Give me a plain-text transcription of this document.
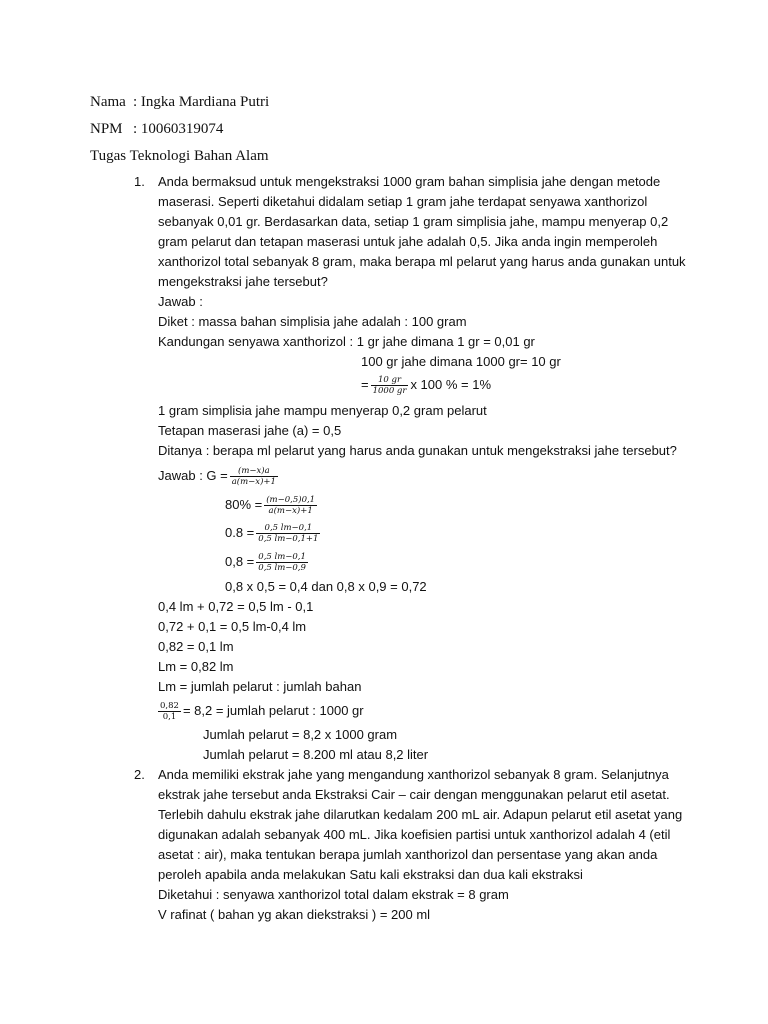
Nama : Ingka Mardiana Putri
NPM : 10060319074
Tugas Teknologi Bahan Alam
1. Anda bermaksud untuk mengekstraksi 1000 gram bahan simplisia jahe dengan metode
maserasi. Seperti diketahui didalam setiap 1 gram jahe terdapat senyawa xanthorizol
sebanyak 0,01 gr. Berdasarkan data, setiap 1 gram simplisia jahe, mampu menyerap 0,2
gram pelarut dan tetapan maserasi untuk jahe adalah 0,5. Jika anda ingin memperoleh
xanthorizol total sebanyak 8 gram, maka berapa ml pelarut yang harus anda gunakan untuk
mengekstraksi jahe tersebut?
Jawab :
Diket : massa bahan simplisia jahe adalah : 100 gram
Kandungan senyawa xanthorizol : 1 gr jahe dimana 1 gr = 0,01 gr
100 gr jahe dimana 1000 gr= 10 gr
= $\frac{10 gr}{1000 gr}$ x 100 % = 1%
1 gram simplisia jahe mampu menyerap 0,2 gram pelarut
Tetapan maserasi jahe (a) = 0,5
Ditanya : berapa ml pelarut yang harus anda gunakan untuk mengekstraksi jahe tersebut?
Jawab : $G = \frac{(m-x)a}{a(m-x)+1}$
$80\% = \frac{(m-0,5)0,1}{a(m-x)+1}$
$0.8 = \frac{0,5 lm-0,1}{0,5 lm-0,1+1}$
$0,8 = \frac{0,5 lm-0,1}{0,5 lm-0,9}$
0,8 x 0,5 = 0,4 dan 0,8 x 0,9 = 0,72
0,4 lm + 0,72 = 0,5 lm - 0,1
0,72 + 0,1 = 0,5 lm-0,4 lm
0,82 = 0,1 lm
Lm = 0,82 lm
Lm = jumlah pelarut : jumlah bahan
$\frac{0,82}{0,1} = 8,2$ = jumlah pelarut : 1000 gr
Jumlah pelarut = 8,2 x 1000 gram
Jumlah pelarut = 8.200 ml atau 8,2 liter
2. Anda memiliki ekstrak jahe yang mengandung xanthorizol sebanyak 8 gram. Selanjutnya
ekstrak jahe tersebut anda Ekstraksi Cair – cair dengan menggunakan pelarut etil asetat.
Terlebih dahulu ekstrak jahe dilarutkan kedalam 200 mL air. Adapun pelarut etil asetat yang
digunakan adalah sebanyak 400 mL. Jika koefisien partisi untuk xanthorizol adalah 4 (etil
asetat : air), maka tentukan berapa jumlah xanthorizol dan persentase yang akan anda
peroleh apabila anda melakukan Satu kali ekstraksi dan dua kali ekstraksi
Diketahui : senyawa xanthorizol total dalam ekstrak = 8 gram
V rafinat ( bahan yg akan diekstraksi ) = 200 ml
